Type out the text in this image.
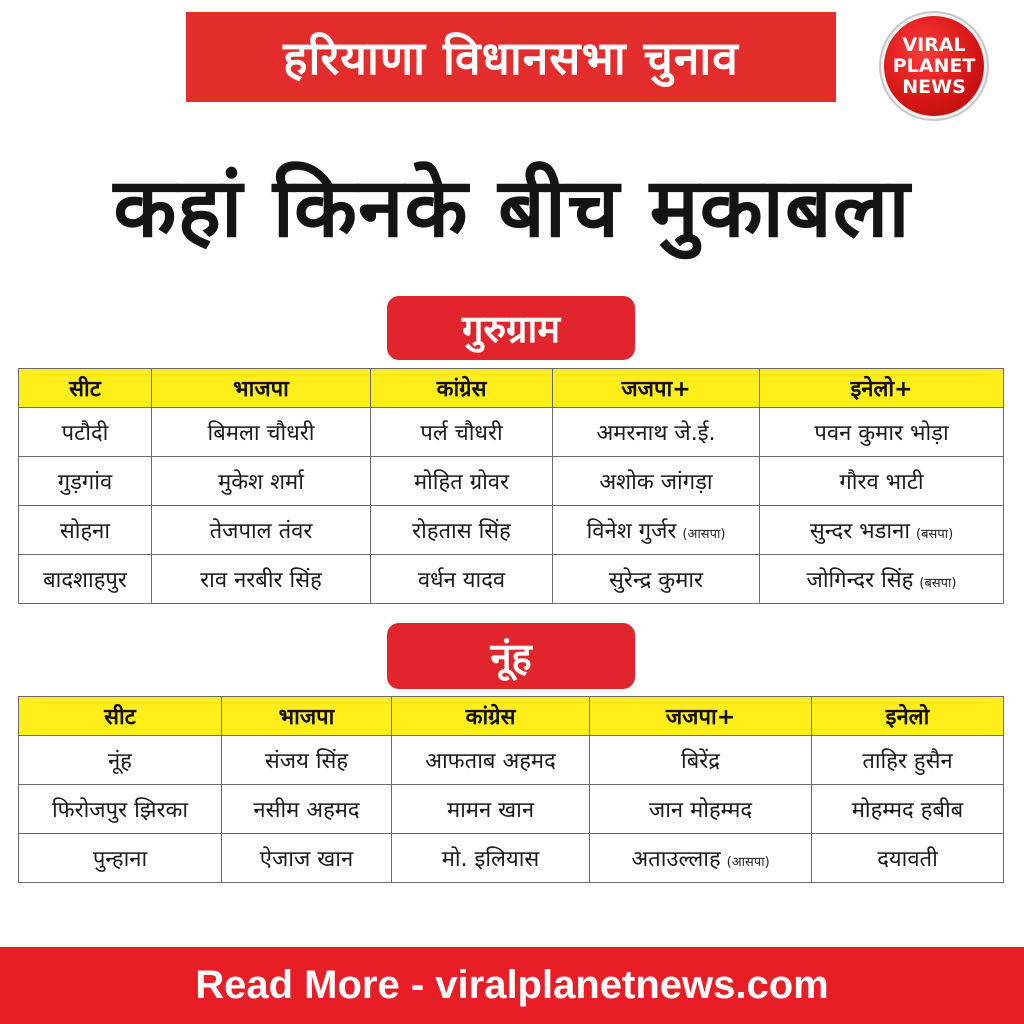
हरियाणा विधानसभा चुनाव	VIRAL
PLANET
NEWS
कहां किनके बीच मुकाबला
गुरुग्राम
सीट	भाजपा	कांग्रेस	जजपा+	इनेलो+
पटौदी	बिमला चौधरी	पर्ल चौधरी	अमरनाथ जे.ई.	पवन कुमार भोड़ा
गुड़गांव	मुकेश शर्मा	मोहित ग्रोवर	अशोक जांगड़ा	गौरव भाटी
सोहना	तेजपाल तंवर	रोहतास सिंह	विनेश गुर्जर (आसपा)	सुन्दर भडाना (बसपा)
बादशाहपुर	राव नरबीर सिंह	वर्धन यादव	सुरेन्द्र कुमार	जोगिन्दर सिंह (बसपा)
नूंह
सीट	भाजपा	कांग्रेस	जजपा+	इनेलो
नूंह	संजय सिंह	आफताब अहमद	बिरेंद्र	ताहिर हुसैन
फिरोजपुर झिरका	नसीम अहमद	मामन खान	जान मोहम्मद	मोहम्मद हबीब
पुन्हाना	ऐजाज खान	मो. इलियास	अताउल्लाह (आसपा)	दयावती
Read More - viralplanetnews.com
